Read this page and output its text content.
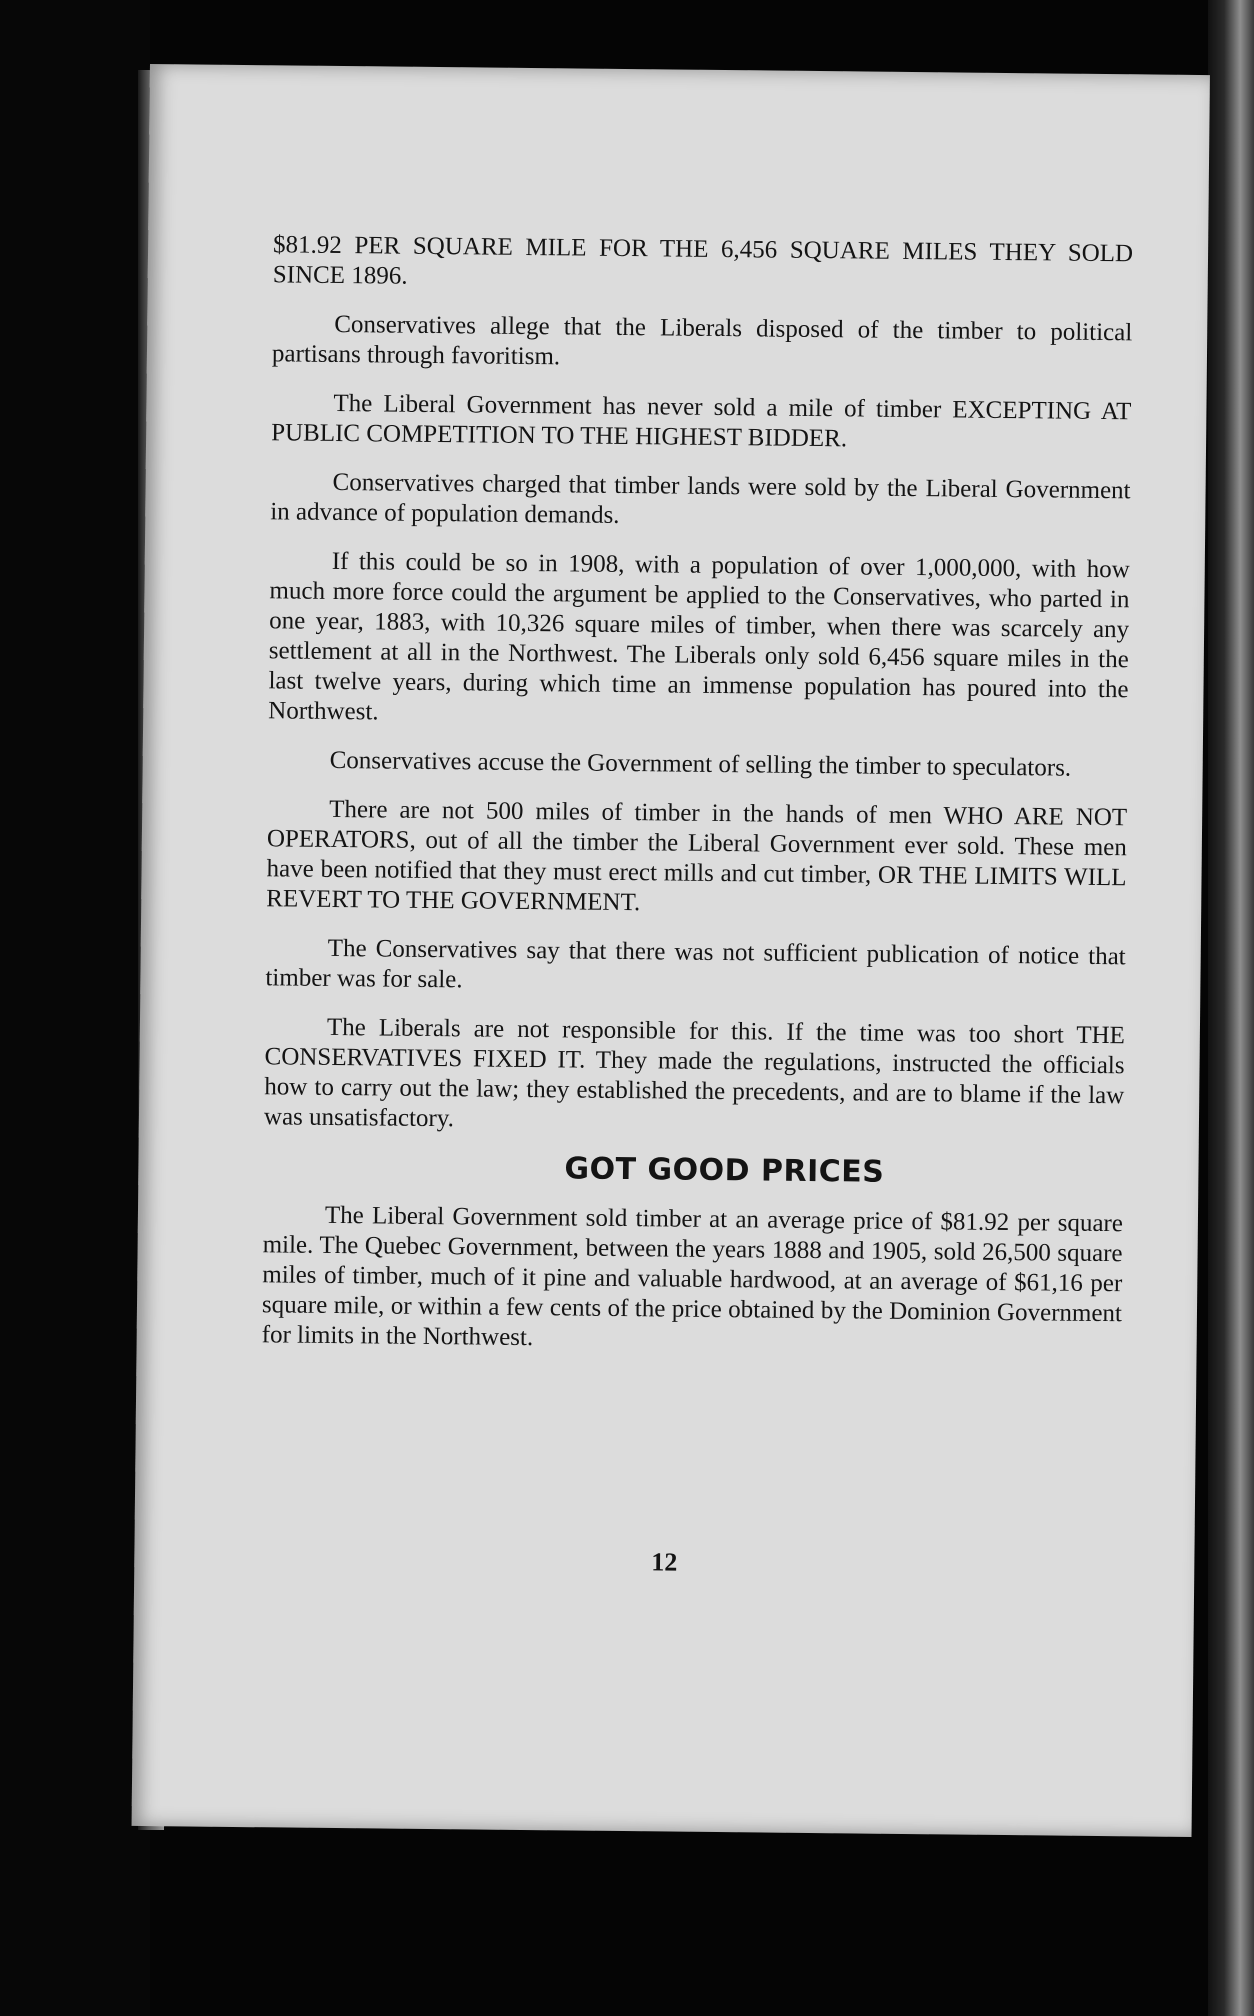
$81.92 PER SQUARE MILE FOR THE 6,456 SQUARE MILES THEY SOLD SINCE 1896.

Conservatives allege that the Liberals disposed of the timber to political partisans through favoritism.

The Liberal Government has never sold a mile of timber EXCEPTING AT PUBLIC COMPETITION TO THE HIGHEST BIDDER.

Conservatives charged that timber lands were sold by the Liberal Government in advance of population demands.

If this could be so in 1908, with a population of over 1,000,000, with how much more force could the argument be applied to the Conservatives, who parted in one year, 1883, with 10,326 square miles of timber, when there was scarcely any settlement at all in the Northwest. The Liberals only sold 6,456 square miles in the last twelve years, during which time an immense population has poured into the Northwest.

Conservatives accuse the Government of selling the timber to speculators.

There are not 500 miles of timber in the hands of men WHO ARE NOT OPERATORS, out of all the timber the Liberal Government ever sold. These men have been notified that they must erect mills and cut timber, OR THE LIMITS WILL REVERT TO THE GOVERNMENT.

The Conservatives say that there was not sufficient publication of notice that timber was for sale.

The Liberals are not responsible for this. If the time was too short THE CONSERVATIVES FIXED IT. They made the regulations, instructed the officials how to carry out the law; they established the precedents, and are to blame if the law was unsatisfactory.

GOT GOOD PRICES

The Liberal Government sold timber at an average price of $81.92 per square mile. The Quebec Government, between the years 1888 and 1905, sold 26,500 square miles of timber, much of it pine and valuable hardwood, at an average of $61,16 per square mile, or within a few cents of the price obtained by the Dominion Government for limits in the Northwest.

12
